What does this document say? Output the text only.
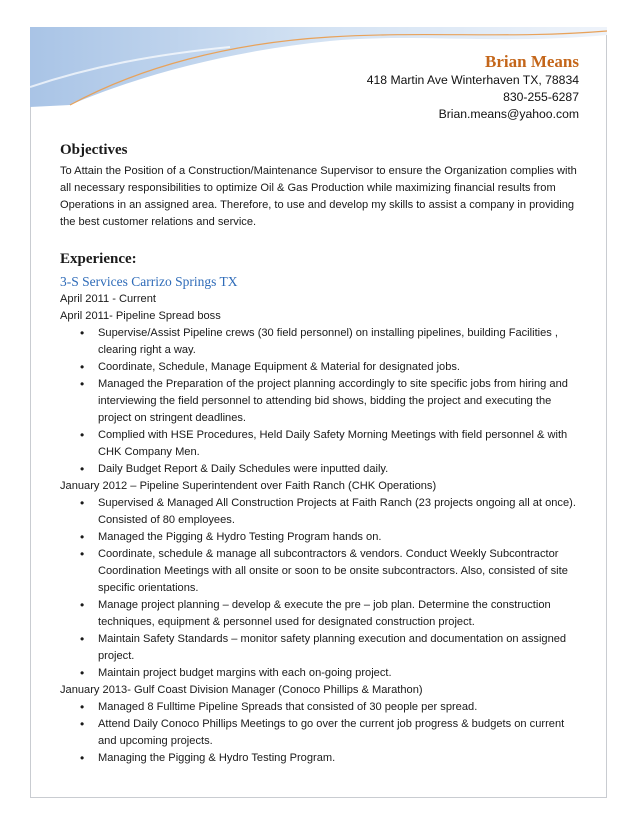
Brian Means
418 Martin Ave Winterhaven TX, 78834
830-255-6287
Brian.means@yahoo.com
Objectives

To Attain the Position of a Construction/Maintenance Supervisor to ensure the Organization complies with all necessary responsibilities to optimize Oil & Gas Production while maximizing financial results from Operations in an assigned area. Therefore, to use and develop my skills to assist a company in providing the best customer relations and service.

Experience:
3-S Services Carrizo Springs TX

April 2011 - Current

April 2011- Pipeline Spread boss

• Supervise/Assist Pipeline crews (30 field personnel) on installing pipelines, building Facilities , clearing right a way.
• Coordinate, Schedule, Manage Equipment & Material for designated jobs.
• Managed the Preparation of the project planning accordingly to site specific jobs from hiring and interviewing the field personnel to attending bid shows, bidding the project and executing the project on stringent deadlines.
• Complied with HSE Procedures, Held Daily Safety Morning Meetings with field personnel & with CHK Company Men.
• Daily Budget Report & Daily Schedules were inputted daily.

January 2012 – Pipeline Superintendent over Faith Ranch (CHK Operations)

• Supervised & Managed All Construction Projects at Faith Ranch (23 projects ongoing all at once). Consisted of 80 employees.
• Managed the Pigging & Hydro Testing Program hands on.
• Coordinate, schedule & manage all subcontractors & vendors. Conduct Weekly Subcontractor Coordination Meetings with all onsite or soon to be onsite subcontractors. Also, consisted of site specific orientations.
• Manage project planning – develop & execute the pre – job plan. Determine the construction techniques, equipment & personnel used for designated construction project.
• Maintain Safety Standards – monitor safety planning execution and documentation on assigned project.
• Maintain project budget margins with each on-going project.

January 2013- Gulf Coast Division Manager (Conoco Phillips & Marathon)

• Managed 8 Fulltime Pipeline Spreads that consisted of 30 people per spread.
• Attend Daily Conoco Phillips Meetings to go over the current job progress & budgets on current and upcoming projects.
• Managing the Pigging & Hydro Testing Program.
